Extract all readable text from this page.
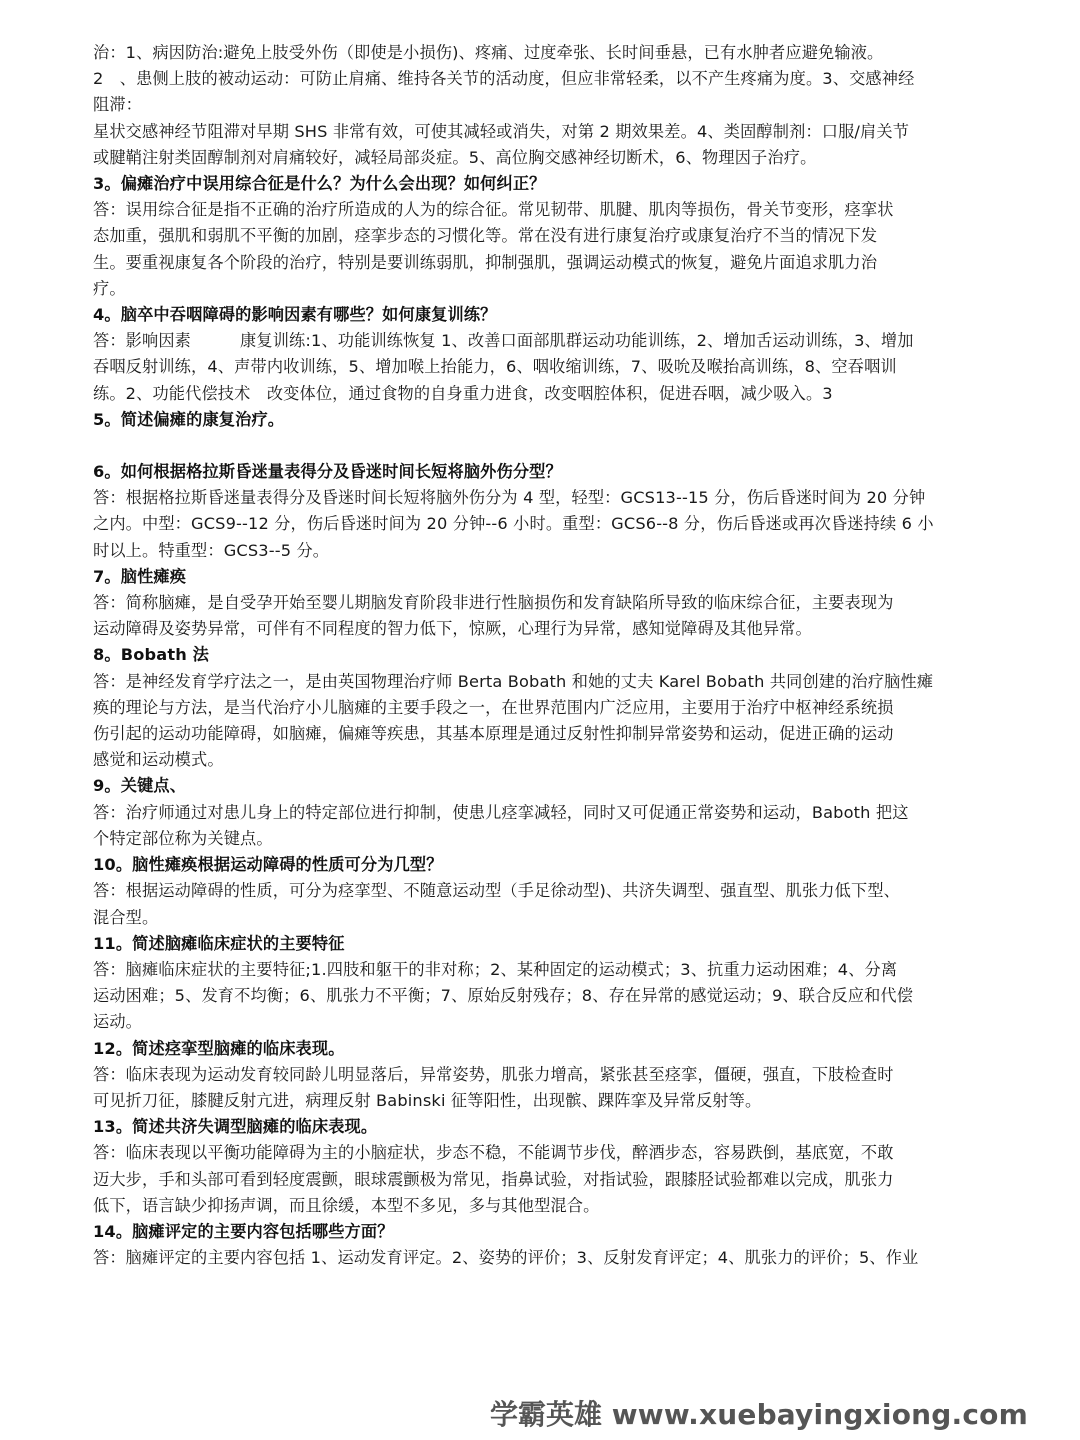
治：1、病因防治:避免上肢受外伤（即使是小损伤)、疼痛、过度牵张、长时间垂悬，已有水肿者应避免输液。
2　、患侧上肢的被动运动：可防止肩痛、维持各关节的活动度，但应非常轻柔，以不产生疼痛为度。3、交感神经
阻滞：
星状交感神经节阻滞对早期 SHS 非常有效，可使其减轻或消失，对第 2 期效果差。4、类固醇制剂：口服/肩关节
或腱鞘注射类固醇制剂对肩痛较好，减轻局部炎症。5、高位胸交感神经切断术，6、物理因子治疗。
3。偏瘫治疗中误用综合征是什么？为什么会出现？如何纠正？
答：误用综合征是指不正确的治疗所造成的人为的综合征。常见韧带、肌腱、肌肉等损伤，骨关节变形，痉挛状
态加重，强肌和弱肌不平衡的加剧，痉挛步态的习惯化等。常在没有进行康复治疗或康复治疗不当的情况下发
生。要重视康复各个阶段的治疗，特别是要训练弱肌，抑制强肌，强调运动模式的恢复，避免片面追求肌力治
疗。
4。脑卒中吞咽障碍的影响因素有哪些？如何康复训练？
答：影响因素　　　康复训练:1、功能训练恢复 1、改善口面部肌群运动功能训练，2、增加舌运动训练，3、增加
吞咽反射训练，4、声带内收训练，5、增加喉上抬能力，6、咽收缩训练，7、吸吮及喉抬高训练，8、空吞咽训
练。2、功能代偿技术　改变体位，通过食物的自身重力进食，改变咽腔体积，促进吞咽，减少吸入。3
5。简述偏瘫的康复治疗。
6。如何根据格拉斯昏迷量表得分及昏迷时间长短将脑外伤分型？
答：根据格拉斯昏迷量表得分及昏迷时间长短将脑外伤分为 4 型，轻型：GCS13--15 分，伤后昏迷时间为 20 分钟
之内。中型：GCS9--12 分，伤后昏迷时间为 20 分钟--6 小时。重型：GCS6--8 分，伤后昏迷或再次昏迷持续 6 小
时以上。特重型：GCS3--5 分。
7。脑性瘫痪
答：简称脑瘫，是自受孕开始至婴儿期脑发育阶段非进行性脑损伤和发育缺陷所导致的临床综合征，主要表现为
运动障碍及姿势异常，可伴有不同程度的智力低下，惊厥，心理行为异常，感知觉障碍及其他异常。
8。Bobath 法
答：是神经发育学疗法之一，是由英国物理治疗师 Berta Bobath 和她的丈夫 Karel Bobath 共同创建的治疗脑性瘫
痪的理论与方法，是当代治疗小儿脑瘫的主要手段之一，在世界范围内广泛应用，主要用于治疗中枢神经系统损
伤引起的运动功能障碍，如脑瘫，偏瘫等疾患，其基本原理是通过反射性抑制异常姿势和运动，促进正确的运动
感觉和运动模式。
9。关键点、
答：治疗师通过对患儿身上的特定部位进行抑制，使患儿痉挛减轻，同时又可促通正常姿势和运动，Baboth 把这
个特定部位称为关键点。
10。脑性瘫痪根据运动障碍的性质可分为几型？
答：根据运动障碍的性质，可分为痉挛型、不随意运动型（手足徐动型)、共济失调型、强直型、肌张力低下型、
混合型。
11。简述脑瘫临床症状的主要特征
答：脑瘫临床症状的主要特征;1.四肢和躯干的非对称；2、某种固定的运动模式；3、抗重力运动困难；4、分离
运动困难；5、发育不均衡；6、肌张力不平衡；7、原始反射残存；8、存在异常的感觉运动；9、联合反应和代偿
运动。
12。简述痉挛型脑瘫的临床表现。
答：临床表现为运动发育较同龄儿明显落后，异常姿势，肌张力增高，紧张甚至痉挛，僵硬，强直，下肢检查时
可见折刀征，膝腱反射亢进，病理反射 Babinski 征等阳性，出现髌、踝阵挛及异常反射等。
13。简述共济失调型脑瘫的临床表现。
答：临床表现以平衡功能障碍为主的小脑症状，步态不稳，不能调节步伐，醉酒步态，容易跌倒，基底宽，不敢
迈大步，手和头部可看到轻度震颤，眼球震颤极为常见，指鼻试验，对指试验，跟膝胫试验都难以完成，肌张力
低下，语言缺少抑扬声调，而且徐缓，本型不多见，多与其他型混合。
14。脑瘫评定的主要内容包括哪些方面？
答：脑瘫评定的主要内容包括 1、运动发育评定。2、姿势的评价；3、反射发育评定；4、肌张力的评价；5、作业
学霸英雄 www.xuebayingxiong.com
